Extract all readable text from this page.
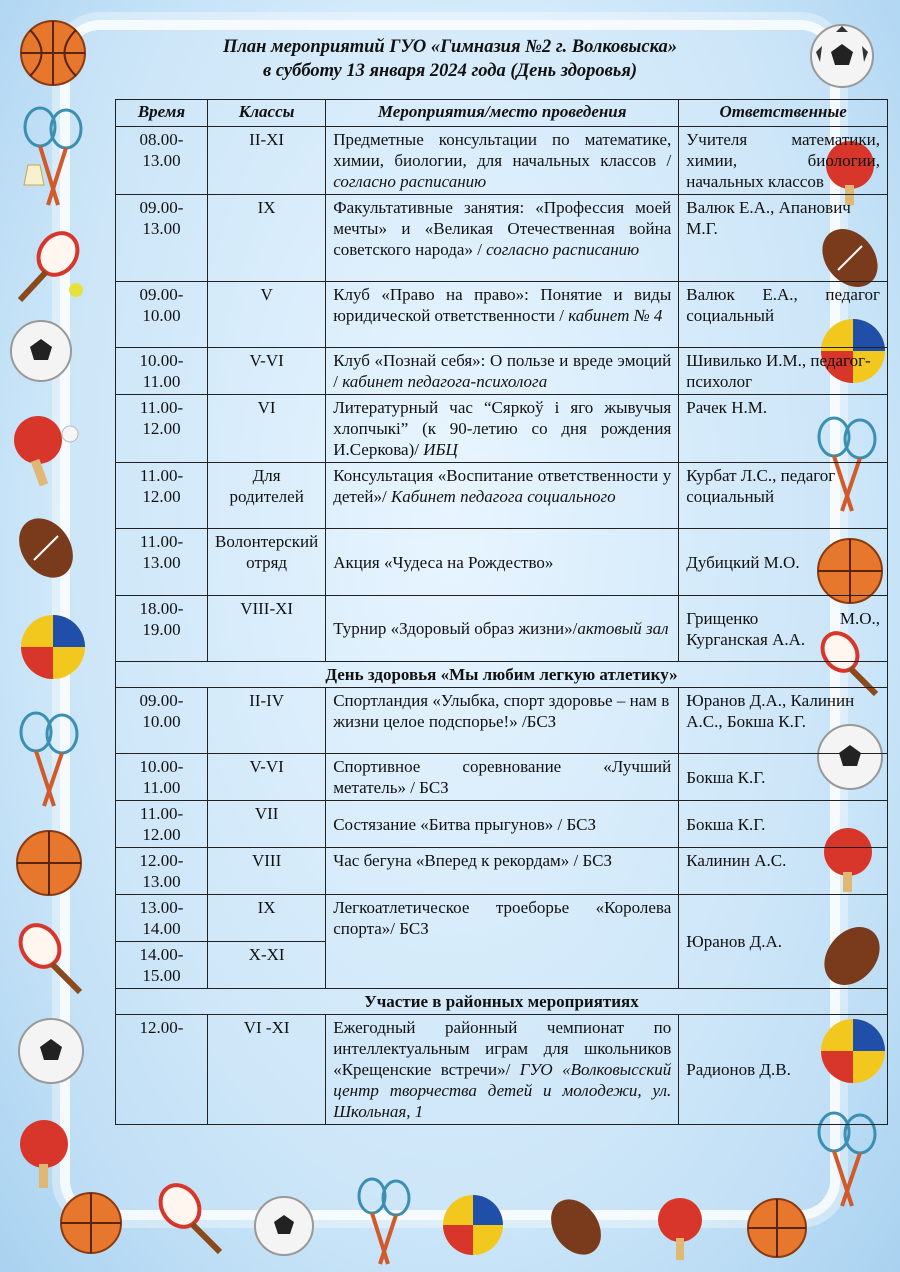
План мероприятий ГУО «Гимназия №2 г. Волковыска»
в субботу 13 января 2024 года (День здоровья)
Время	Классы	Мероприятия/место проведения	Ответственные
08.00-13.00	II-XI	Предметные консультации по математике, химии, биологии, для начальных классов / согласно расписанию	Учителя математики, химии, биологии, начальных классов
09.00-13.00	IX	Факультативные занятия: «Профессия моей мечты» и «Великая Отечественная война советского народа» / согласно расписанию	Валюк Е.А., Апанович М.Г.
09.00-10.00	V	Клуб «Право на право»: Понятие и виды юридической ответственности / кабинет № 4	Валюк Е.А., педагог социальный
10.00-11.00	V-VI	Клуб «Познай себя»: О пользе и вреде эмоций / кабинет педагога-психолога	Шивилько И.М., педагог-психолог
11.00-12.00	VI	Литературный час “Сяркоў і яго жывучыя хлопчыкі” (к 90-летию со дня рождения И.Серкова)/ ИБЦ	Рачек Н.М.
11.00-12.00	Для родителей	Консультация «Воспитание ответственности у детей»/ Кабинет педагога социального	Курбат Л.С., педагог социальный
11.00-13.00	Волонтерский отряд	Акция «Чудеса на Рождество»	Дубицкий М.О.
18.00-19.00	VIII-XI	Турнир «Здоровый образ жизни»/актовый зал	Грищенко М.О., Курганская А.А.
День здоровья «Мы любим легкую атлетику»			
09.00-10.00	II-IV	Спортландия «Улыбка, спорт здоровье – нам в жизни целое подспорье!» /БСЗ	Юранов Д.А., Калинин А.С., Бокша К.Г.
10.00-11.00	V-VI	Спортивное соревнование «Лучший метатель» / БСЗ	Бокша К.Г.
11.00-12.00	VII	Состязание «Битва прыгунов» / БСЗ	Бокша К.Г.
12.00-13.00	VIII	Час бегуна «Вперед к рекордам» / БСЗ	Калинин А.С.
13.00-14.00	IX	Легкоатлетическое троеборье «Королева спорта»/ БСЗ	Юранов Д.А.
14.00-15.00	X-XI		
Участие в районных мероприятиях			
12.00-	VI -XI	Ежегодный районный чемпионат по интеллектуальным играм для школьников «Крещенские встречи»/ ГУО «Волковысский центр творчества детей и молодежи, ул. Школьная, 1	Радионов Д.В.
